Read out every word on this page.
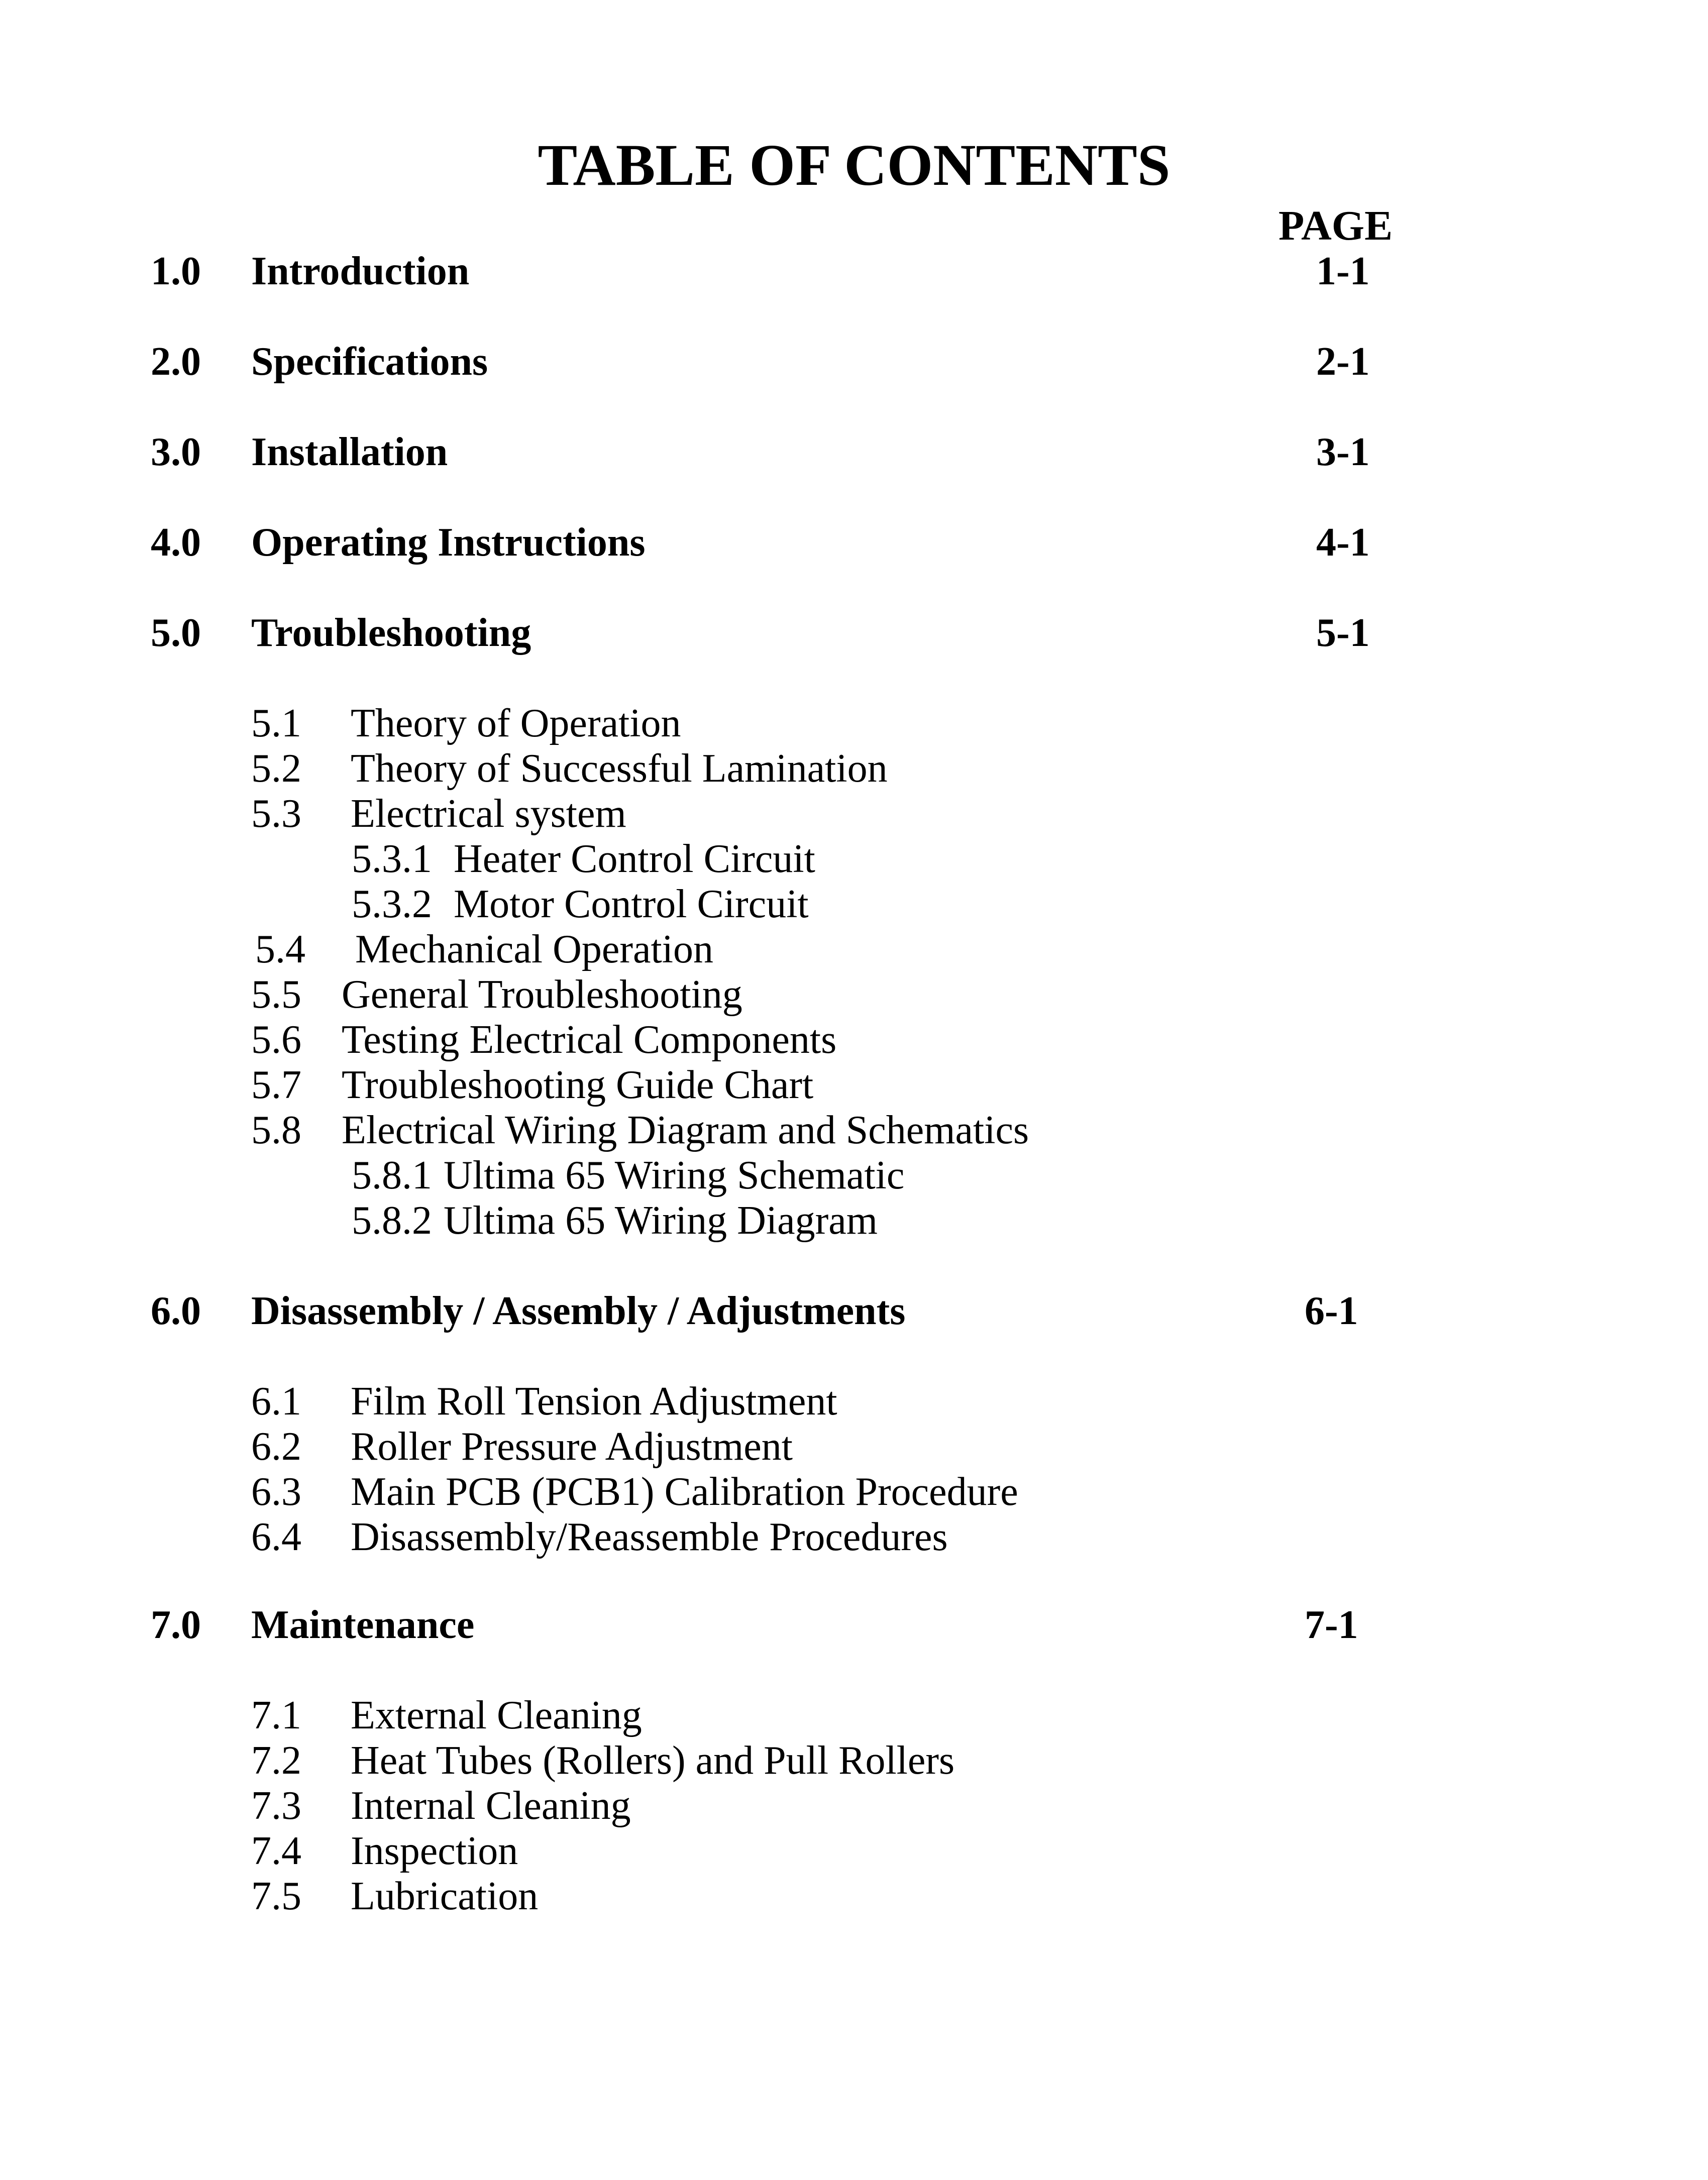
TABLE OF CONTENTS
PAGE
1.0 Introduction	1-1
2.0 Specifications	2-1
3.0 Installation	3-1
4.0 Operating Instructions	4-1
5.0 Troubleshooting	5-1
5.1 Theory of Operation
5.2 Theory of Successful Lamination
5.3 Electrical system
5.3.1 Heater Control Circuit
5.3.2 Motor Control Circuit
5.4 Mechanical Operation
5.5 General Troubleshooting
5.6 Testing Electrical Components
5.7 Troubleshooting Guide Chart
5.8 Electrical Wiring Diagram and Schematics
5.8.1 Ultima 65 Wiring Schematic
5.8.2 Ultima 65 Wiring Diagram
6.0 Disassembly / Assembly / Adjustments	6-1
6.1 Film Roll Tension Adjustment
6.2 Roller Pressure Adjustment
6.3 Main PCB (PCB1) Calibration Procedure
6.4 Disassembly/Reassemble Procedures
7.0 Maintenance	7-1
7.1 External Cleaning
7.2 Heat Tubes (Rollers) and Pull Rollers
7.3 Internal Cleaning
7.4 Inspection
7.5 Lubrication
